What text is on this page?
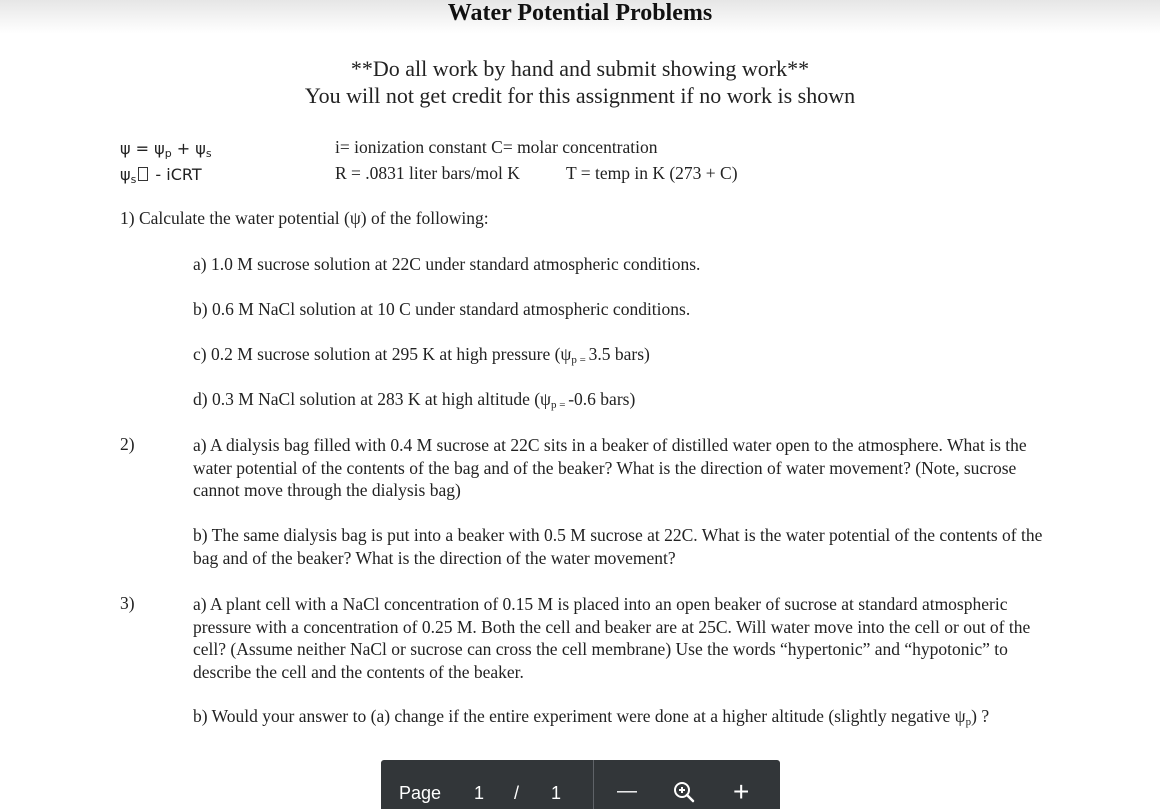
Water Potential Problems
**Do all work by hand and submit showing work**
You will not get credit for this assignment if no work is shown
$\psi = \psi_p + \psi_s$
$\psi_s$ - iCRT
i= ionization constant C= molar concentration
R = .0831 liter bars/mol K	T = temp in K (273 + C)
1) Calculate the water potential (ψ) of the following:
a) 1.0 M sucrose solution at 22C under standard atmospheric conditions.
b) 0.6 M NaCl solution at 10 C under standard atmospheric conditions.
c) 0.2 M sucrose solution at 295 K at high pressure ($\psi_{p =}$ 3.5 bars)
d) 0.3 M NaCl solution at 283 K at high altitude ($\psi_{p =}$ -0.6 bars)
2)	a) A dialysis bag filled with 0.4 M sucrose at 22C sits in a beaker of distilled water open to the atmosphere. What is the water potential of the contents of the bag and of the beaker? What is the direction of water movement? (Note, sucrose cannot move through the dialysis bag)
b) The same dialysis bag is put into a beaker with 0.5 M sucrose at 22C. What is the water potential of the contents of the bag and of the beaker? What is the direction of the water movement?
3)	a) A plant cell with a NaCl concentration of 0.15 M is placed into an open beaker of sucrose at standard atmospheric pressure with a concentration of 0.25 M. Both the cell and beaker are at 25C. Will water move into the cell or out of the cell? (Assume neither NaCl or sucrose can cross the cell membrane) Use the words “hypertonic” and “hypotonic” to describe the cell and the contents of the beaker.
b) Would your answer to (a) change if the entire experiment were done at a higher altitude (slightly negative $\psi_p$) ?
Page 1 / 1	—	+
